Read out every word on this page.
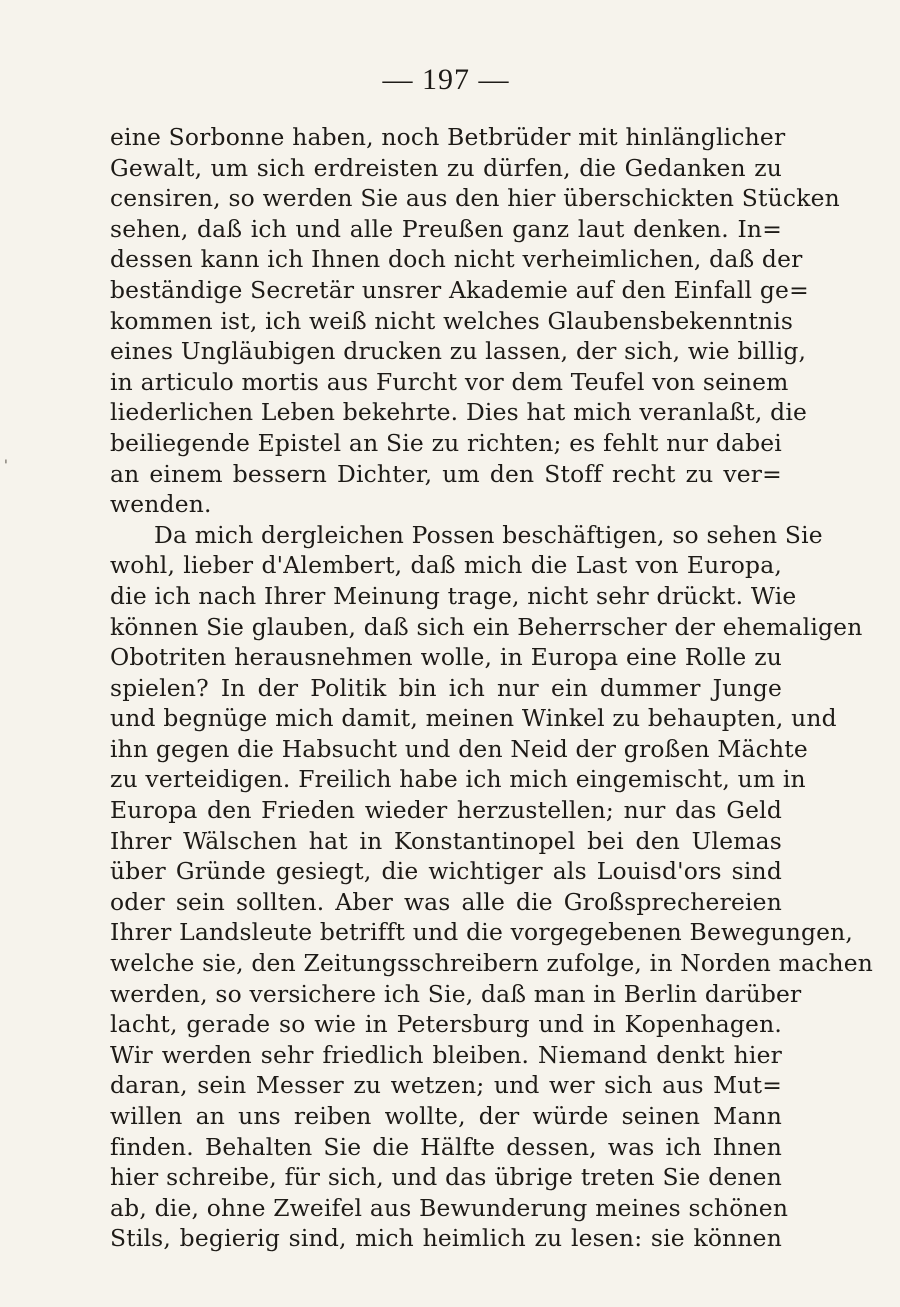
'
— 197 —
eine Sorbonne haben, noch Betbrüder mit hinlänglicher
Gewalt, um sich erdreisten zu dürfen, die Gedanken zu
censiren, so werden Sie aus den hier überschickten Stücken
sehen, daß ich und alle Preußen ganz laut denken. In=
dessen kann ich Ihnen doch nicht verheimlichen, daß der
beständige Secretär unsrer Akademie auf den Einfall ge=
kommen ist, ich weiß nicht welches Glaubensbekenntnis
eines Ungläubigen drucken zu lassen, der sich, wie billig,
in articulo mortis aus Furcht vor dem Teufel von seinem
liederlichen Leben bekehrte. Dies hat mich veranlaßt, die
beiliegende Epistel an Sie zu richten; es fehlt nur dabei
an einem bessern Dichter, um den Stoff recht zu ver=
wenden.
Da mich dergleichen Possen beschäftigen, so sehen Sie
wohl, lieber d'Alembert, daß mich die Last von Europa,
die ich nach Ihrer Meinung trage, nicht sehr drückt. Wie
können Sie glauben, daß sich ein Beherrscher der ehemaligen
Obotriten herausnehmen wolle, in Europa eine Rolle zu
spielen? In der Politik bin ich nur ein dummer Junge
und begnüge mich damit, meinen Winkel zu behaupten, und
ihn gegen die Habsucht und den Neid der großen Mächte
zu verteidigen. Freilich habe ich mich eingemischt, um in
Europa den Frieden wieder herzustellen; nur das Geld
Ihrer Wälschen hat in Konstantinopel bei den Ulemas
über Gründe gesiegt, die wichtiger als Louisd'ors sind
oder sein sollten. Aber was alle die Großsprechereien
Ihrer Landsleute betrifft und die vorgegebenen Bewegungen,
welche sie, den Zeitungsschreibern zufolge, in Norden machen
werden, so versichere ich Sie, daß man in Berlin darüber
lacht, gerade so wie in Petersburg und in Kopenhagen.
Wir werden sehr friedlich bleiben. Niemand denkt hier
daran, sein Messer zu wetzen; und wer sich aus Mut=
willen an uns reiben wollte, der würde seinen Mann
finden. Behalten Sie die Hälfte dessen, was ich Ihnen
hier schreibe, für sich, und das übrige treten Sie denen
ab, die, ohne Zweifel aus Bewunderung meines schönen
Stils, begierig sind, mich heimlich zu lesen: sie können
